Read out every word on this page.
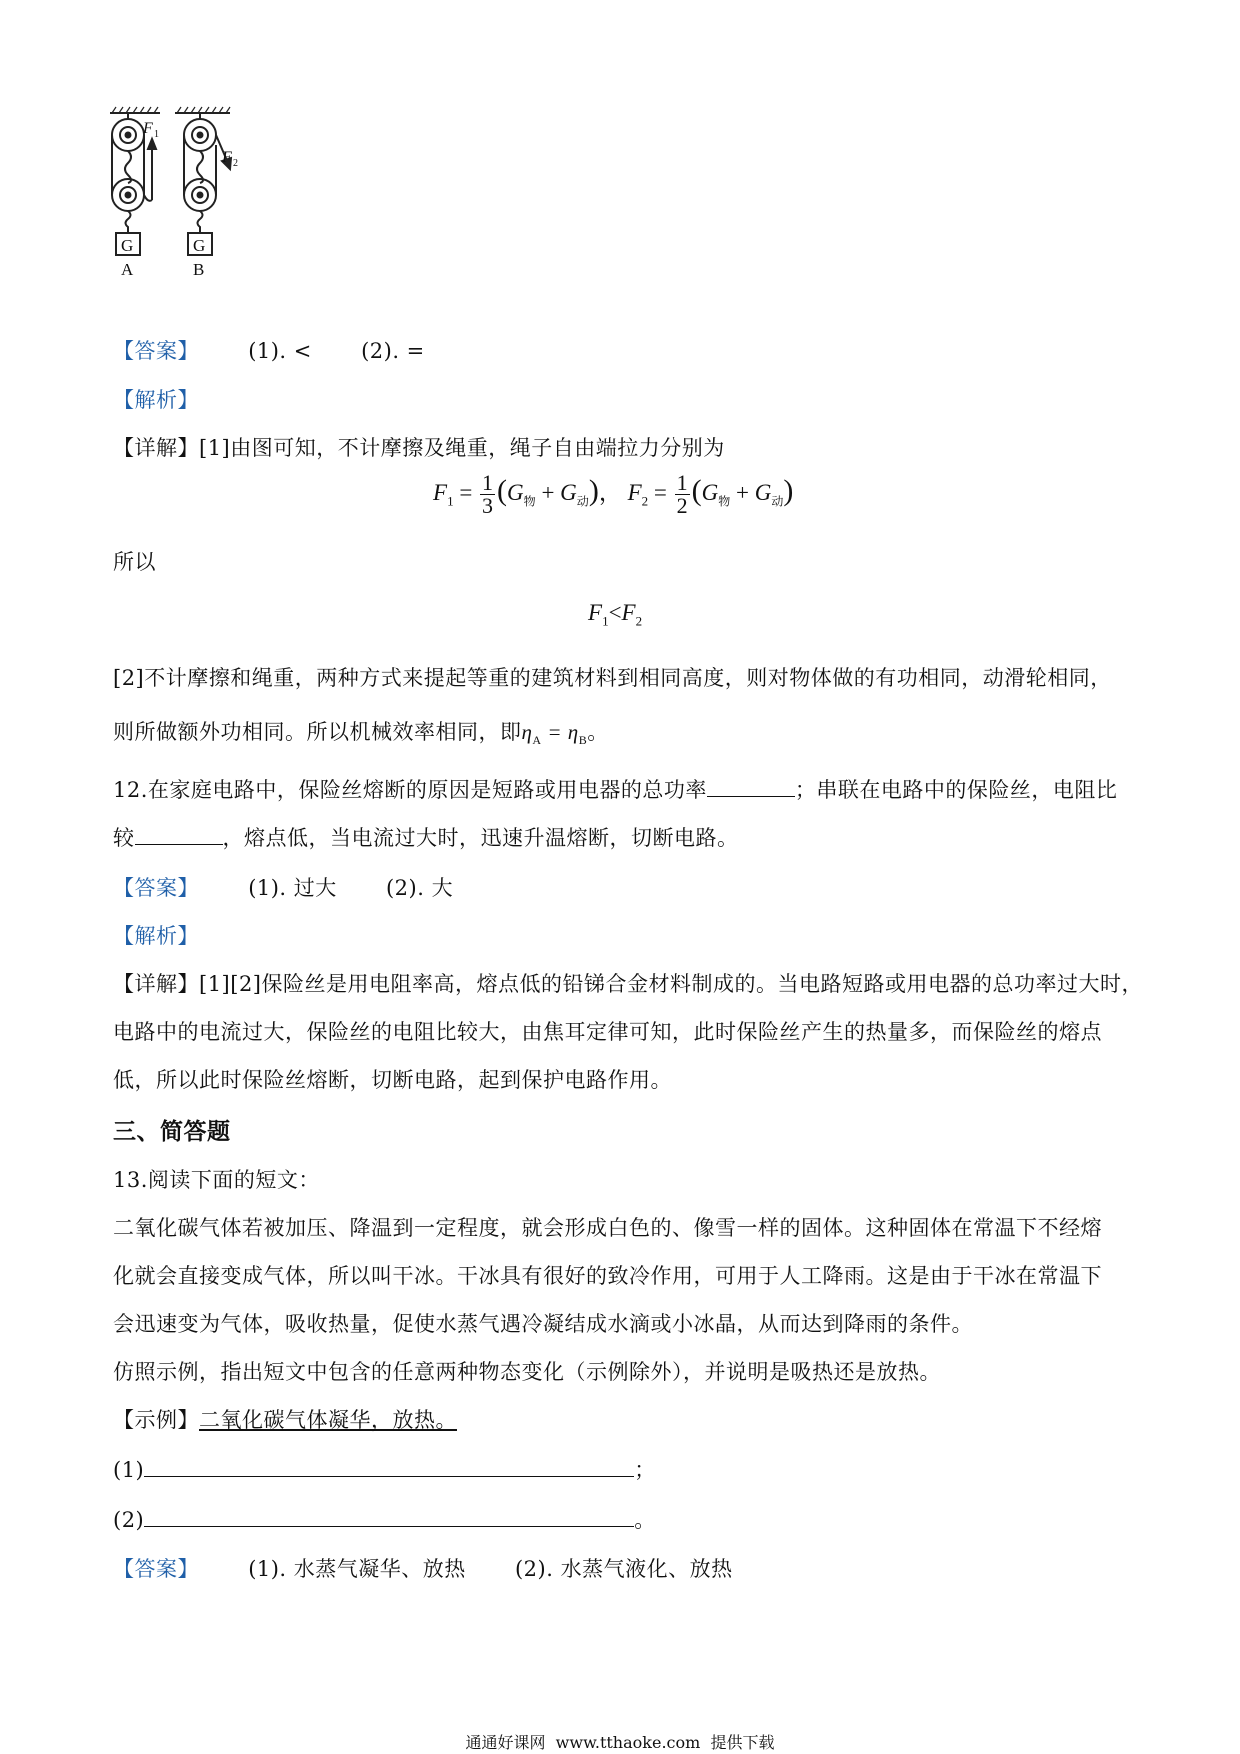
G	G
A	B
F 1
F 2
【答案】 (1). < (2). =
【解析】
【详解】[1]由图可知，不计摩擦及绳重，绳子自由端拉力分别为
$F_1 = \frac{1}{3} (G_物 + G_动)$， $F_2 = \frac{1}{2} (G_物 + G_动)$
所以
$F_1<F_2$
[2]不计摩擦和绳重，两种方式来提起等重的建筑材料到相同高度，则对物体做的有功相同，动滑轮相同，
则所做额外功相同。所以机械效率相同，即$\eta_A = \eta_B$。
12.在家庭电路中，保险丝熔断的原因是短路或用电器的总功率	；串联在电路中的保险丝，电阻比
较	，熔点低，当电流过大时，迅速升温熔断，切断电路。
【答案】 (1). 过大 (2). 大
【解析】
【详解】[1][2]保险丝是用电阻率高，熔点低的铅锑合金材料制成的。当电路短路或用电器的总功率过大时，
电路中的电流过大，保险丝的电阻比较大，由焦耳定律可知，此时保险丝产生的热量多，而保险丝的熔点
低，所以此时保险丝熔断，切断电路，起到保护电路作用。
三、简答题
13.阅读下面的短文：
二氧化碳气体若被加压、降温到一定程度，就会形成白色的、像雪一样的固体。这种固体在常温下不经熔
化就会直接变成气体，所以叫干冰。干冰具有很好的致冷作用，可用于人工降雨。这是由于干冰在常温下
会迅速变为气体，吸收热量，促使水蒸气遇冷凝结成水滴或小冰晶，从而达到降雨的条件。
仿照示例，指出短文中包含的任意两种物态变化（示例除外），并说明是吸热还是放热。
【示例】二氧化碳气体凝华，放热。
(1)	；
(2)	。
【答案】 (1). 水蒸气凝华、放热 (2). 水蒸气液化、放热
通通好课网  www.tthaoke.com  提供下载
